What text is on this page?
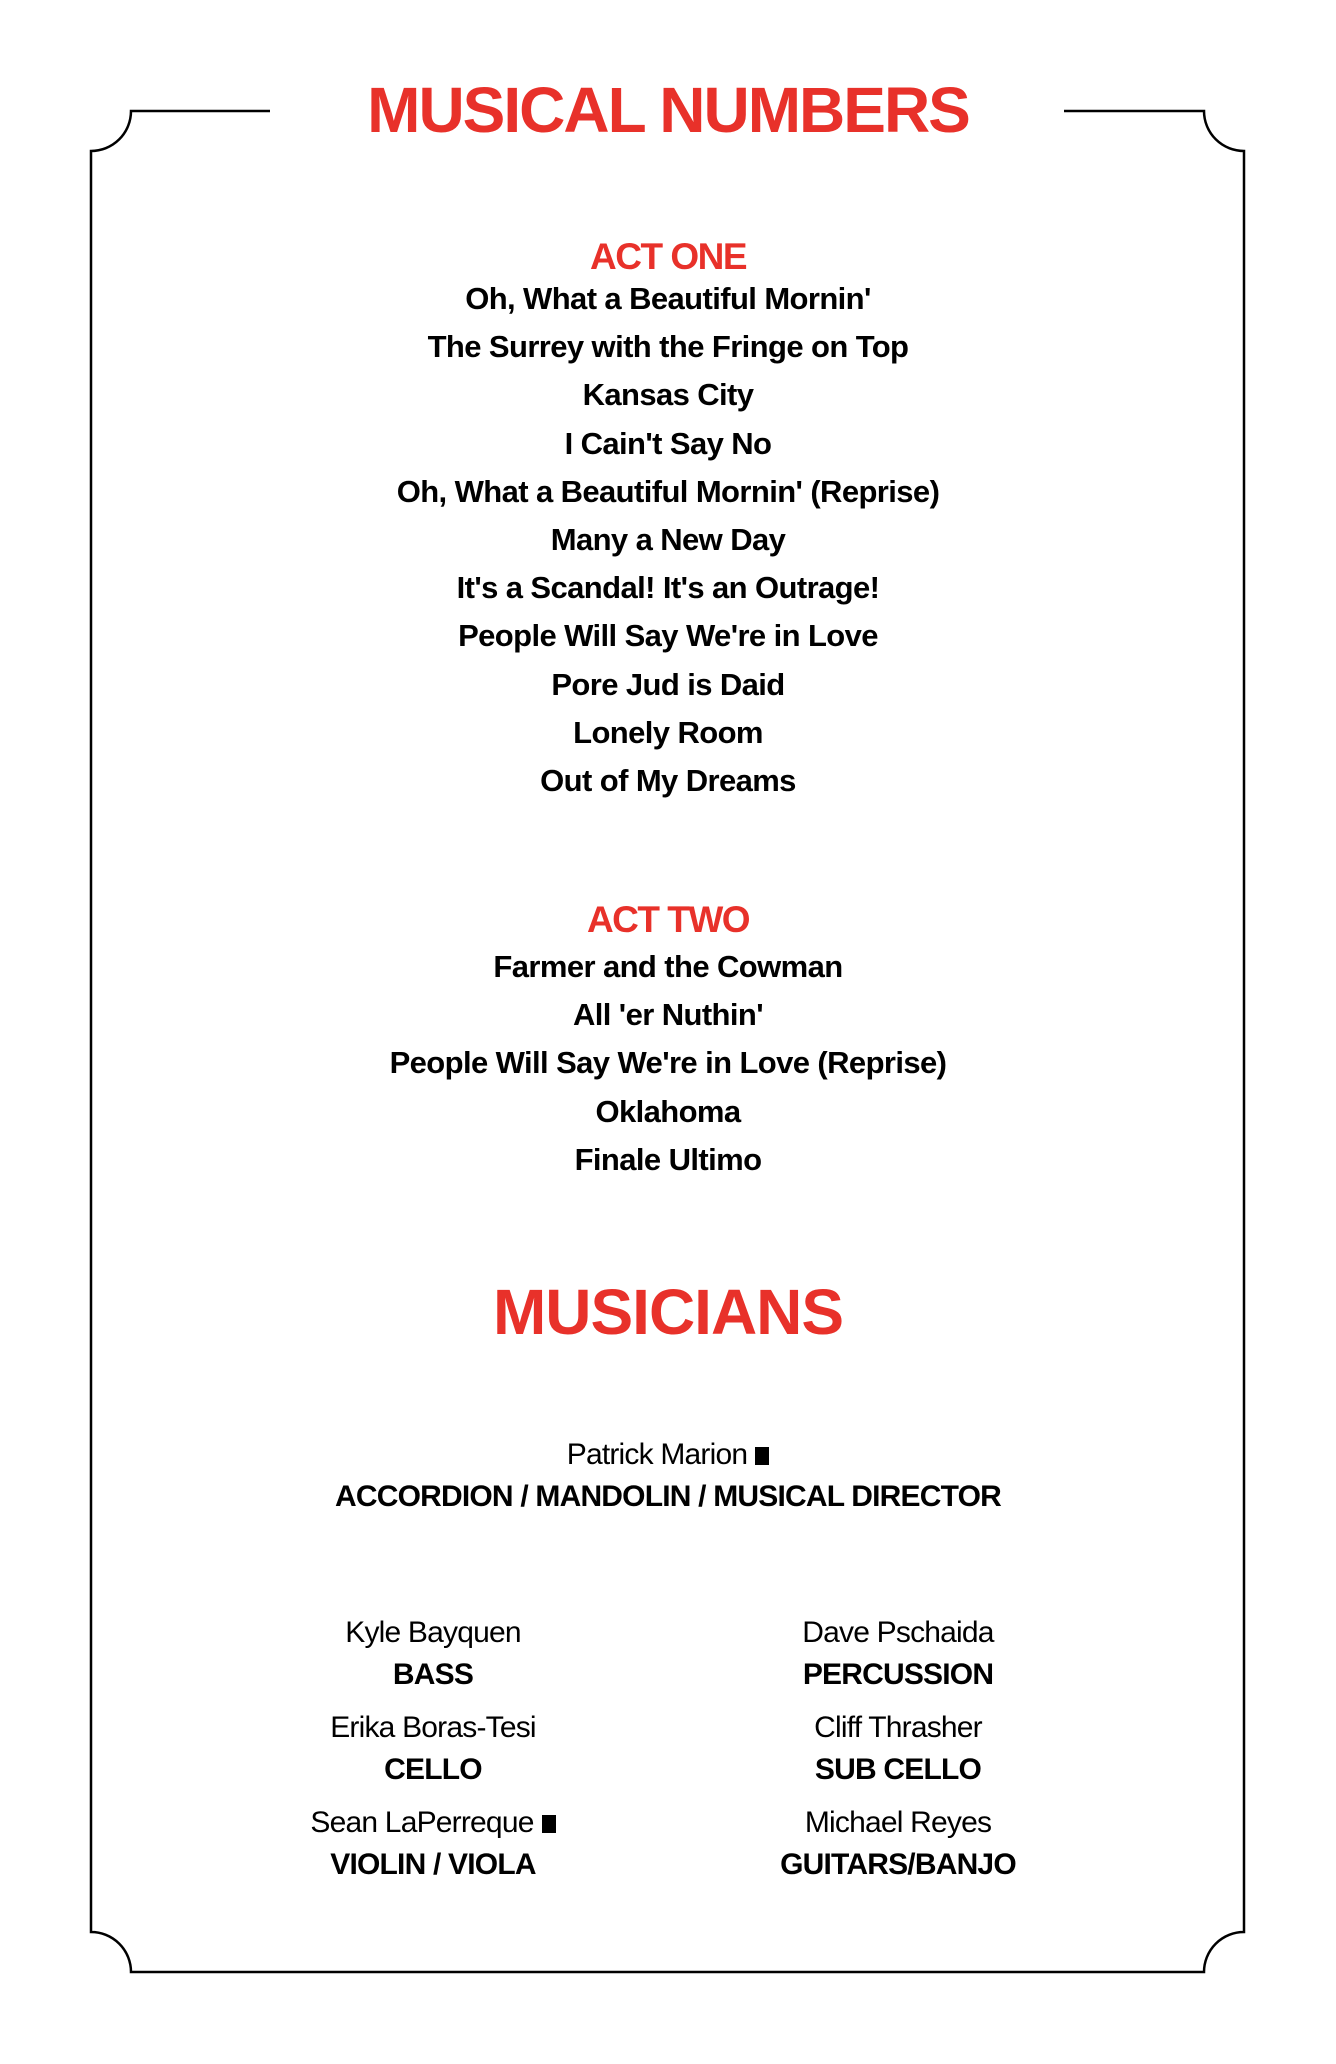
MUSICAL NUMBERS
ACT ONE
Oh, What a Beautiful Mornin'
The Surrey with the Fringe on Top
Kansas City
I Cain't Say No
Oh, What a Beautiful Mornin' (Reprise)
Many a New Day
It's a Scandal! It's an Outrage!
People Will Say We're in Love
Pore Jud is Daid
Lonely Room
Out of My Dreams
ACT TWO
Farmer and the Cowman
All 'er Nuthin'
People Will Say We're in Love (Reprise)
Oklahoma
Finale Ultimo
MUSICIANS
Patrick Marion
ACCORDION / MANDOLIN / MUSICAL DIRECTOR
Kyle Bayquen
BASS
Erika Boras-Tesi
CELLO
Sean LaPerreque
VIOLIN / VIOLA
Dave Pschaida
PERCUSSION
Cliff Thrasher
SUB CELLO
Michael Reyes
GUITARS/BANJO
